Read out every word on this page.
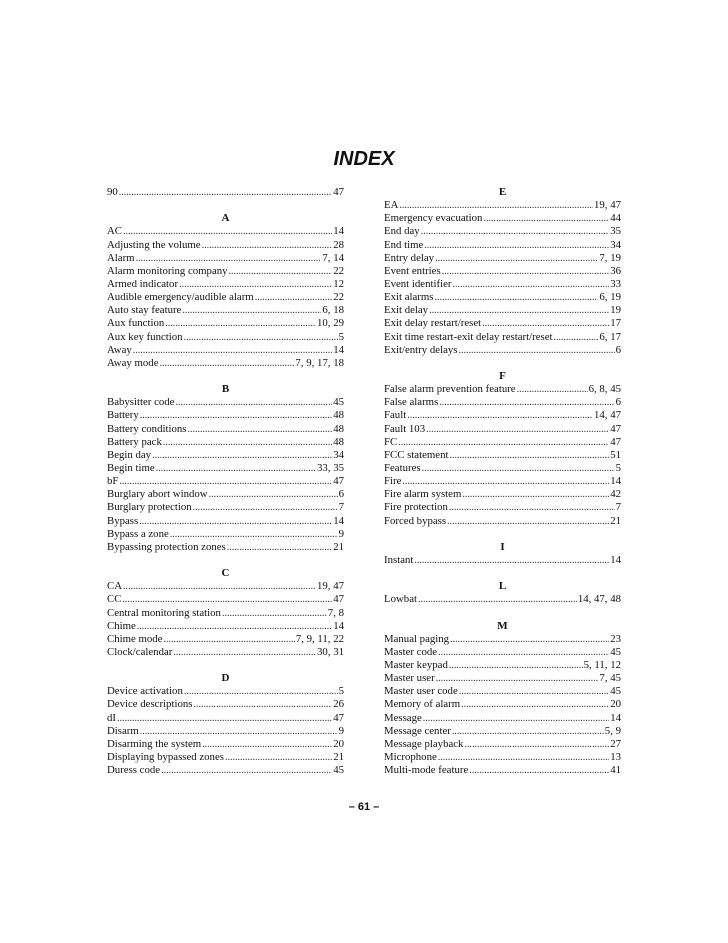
INDEX
90 .....	47
A
AC .....	14
Adjusting the volume .....	28
Alarm .....	7, 14
Alarm monitoring company .....	22
Armed indicator .....	12
Audible emergency/audible alarm .....	22
Auto stay feature .....	6, 18
Aux function .....	10, 29
Aux key function .....	5
Away .....	14
Away mode .....	7, 9, 17, 18
B
Babysitter code .....	45
Battery .....	48
Battery conditions .....	48
Battery pack .....	48
Begin day .....	34
Begin time .....	33, 35
bF .....	47
Burglary abort window .....	6
Burglary protection .....	7
Bypass .....	14
Bypass a zone .....	9
Bypassing protection zones .....	21
C
CA .....	19, 47
CC .....	47
Central monitoring station .....	7, 8
Chime .....	14
Chime mode .....	7, 9, 11, 22
Clock/calendar .....	30, 31
D
Device activation .....	5
Device descriptions .....	26
dI .....	47
Disarm .....	9
Disarming the system .....	20
Displaying bypassed zones .....	21
Duress code .....	45
E
EA .....	19, 47
Emergency evacuation .....	44
End day .....	35
End time .....	34
Entry delay .....	7, 19
Event entries .....	36
Event identifier .....	33
Exit alarms .....	6, 19
Exit delay .....	19
Exit delay restart/reset .....	17
Exit time restart-exit delay restart/reset .....	6, 17
Exit/entry delays .....	6
F
False alarm prevention feature .....	6, 8, 45
False alarms .....	6
Fault .....	14, 47
Fault 103 .....	47
FC .....	47
FCC statement .....	51
Features .....	5
Fire .....	14
Fire alarm system .....	42
Fire protection .....	7
Forced bypass .....	21
I
Instant .....	14
L
Lowbat .....	14, 47, 48
M
Manual paging .....	23
Master code .....	45
Master keypad .....	5, 11, 12
Master user .....	7, 45
Master user code .....	45
Memory of alarm .....	20
Message .....	14
Message center .....	5, 9
Message playback .....	27
Microphone .....	13
Multi-mode feature .....	41
– 61 –
